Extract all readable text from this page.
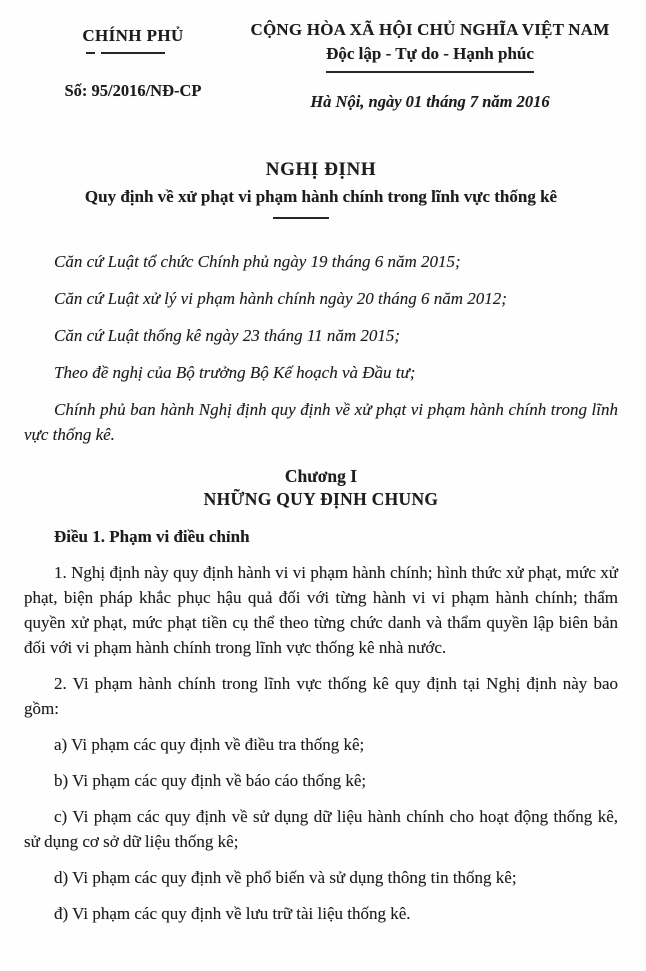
CHÍNH PHỦ
Số: 95/2016/NĐ-CP
CỘNG HÒA XÃ HỘI CHỦ NGHĨA VIỆT NAM
Độc lập - Tự do - Hạnh phúc
Hà Nội, ngày 01 tháng 7 năm 2016
NGHỊ ĐỊNH
Quy định về xử phạt vi phạm hành chính trong lĩnh vực thống kê

Căn cứ Luật tổ chức Chính phủ ngày 19 tháng 6 năm 2015;

Căn cứ Luật xử lý vi phạm hành chính ngày 20 tháng 6 năm 2012;

Căn cứ Luật thống kê ngày 23 tháng 11 năm 2015;

Theo đề nghị của Bộ trưởng Bộ Kế hoạch và Đầu tư;

Chính phủ ban hành Nghị định quy định về xử phạt vi phạm hành chính trong lĩnh vực thống kê.

Chương I
NHỮNG QUY ĐỊNH CHUNG
Điều 1. Phạm vi điều chỉnh

1. Nghị định này quy định hành vi vi phạm hành chính; hình thức xử phạt, mức xử phạt, biện pháp khắc phục hậu quả đối với từng hành vi vi phạm hành chính; thẩm quyền xử phạt, mức phạt tiền cụ thể theo từng chức danh và thẩm quyền lập biên bản đối với vi phạm hành chính trong lĩnh vực thống kê nhà nước.

2. Vi phạm hành chính trong lĩnh vực thống kê quy định tại Nghị định này bao gồm:

a) Vi phạm các quy định về điều tra thống kê;

b) Vi phạm các quy định về báo cáo thống kê;

c) Vi phạm các quy định về sử dụng dữ liệu hành chính cho hoạt động thống kê, sử dụng cơ sở dữ liệu thống kê;

d) Vi phạm các quy định về phổ biến và sử dụng thông tin thống kê;

đ) Vi phạm các quy định về lưu trữ tài liệu thống kê.
